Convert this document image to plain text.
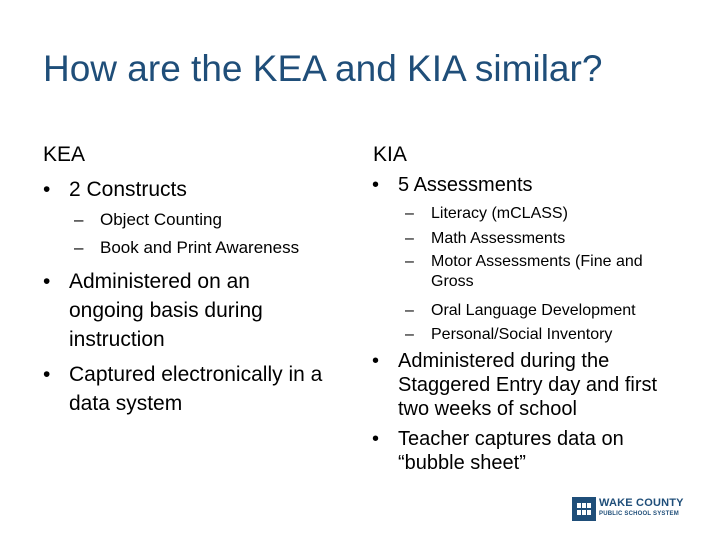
How are the KEA and KIA similar?
KEA
• 2 Constructs
– Object Counting
– Book and Print Awareness
• Administered on an ongoing basis during instruction
• Captured electronically in a data system
KIA
• 5 Assessments
–	Literacy (mCLASS)
–	Math Assessments
–	Motor Assessments (Fine and Gross
–	Oral Language Development
–	Personal/Social Inventory
• Administered during the Staggered Entry day and first two weeks of school
• Teacher captures data on “bubble sheet”
WAKE COUNTY
PUBLIC SCHOOL SYSTEM
